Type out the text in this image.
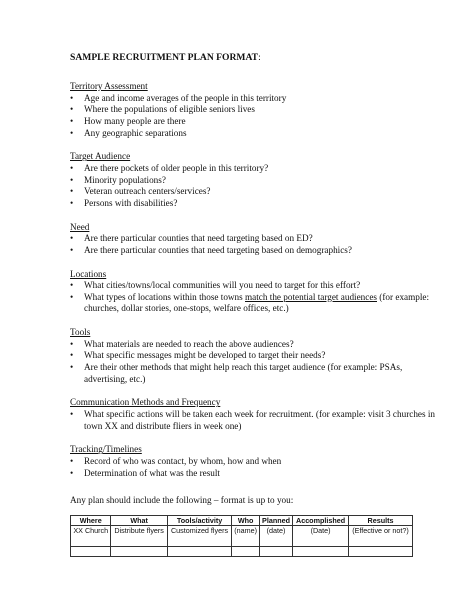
SAMPLE RECRUITMENT PLAN FORMAT:
Territory Assessment
•	Age and income averages of the people in this territory
•	Where the populations of eligible seniors lives
•	How many people are there
•	Any geographic separations
Target Audience
•	Are there pockets of older people in this territory?
•	Minority populations?
•	Veteran outreach centers/services?
•	Persons with disabilities?
Need
•	Are there particular counties that need targeting based on ED?
•	Are there particular counties that need targeting based on demographics?
Locations
•	What cities/towns/local communities will you need to target for this effort?
•	What types of locations within those towns match the potential target audiences (for example: churches, dollar stories, one-stops, welfare offices, etc.)
Tools
•	What materials are needed to reach the above audiences?
•	What specific messages might be developed to target their needs?
•	Are their other methods that might help reach this target audience (for example: PSAs, advertising, etc.)
Communication Methods and Frequency
•	What specific actions will be taken each week for recruitment. (for example: visit 3 churches in town XX and distribute fliers in week one)
Tracking/Timelines
•	Record of who was contact, by whom, how and when
•	Determination of what was the result
Any plan should include the following – format is up to you:
Where	What	Tools/activity	Who	Planned	Accomplished	Results
XX Church	Distribute flyers	Customized flyers	(name)	(date)	(Date)	(Effective or not?)
